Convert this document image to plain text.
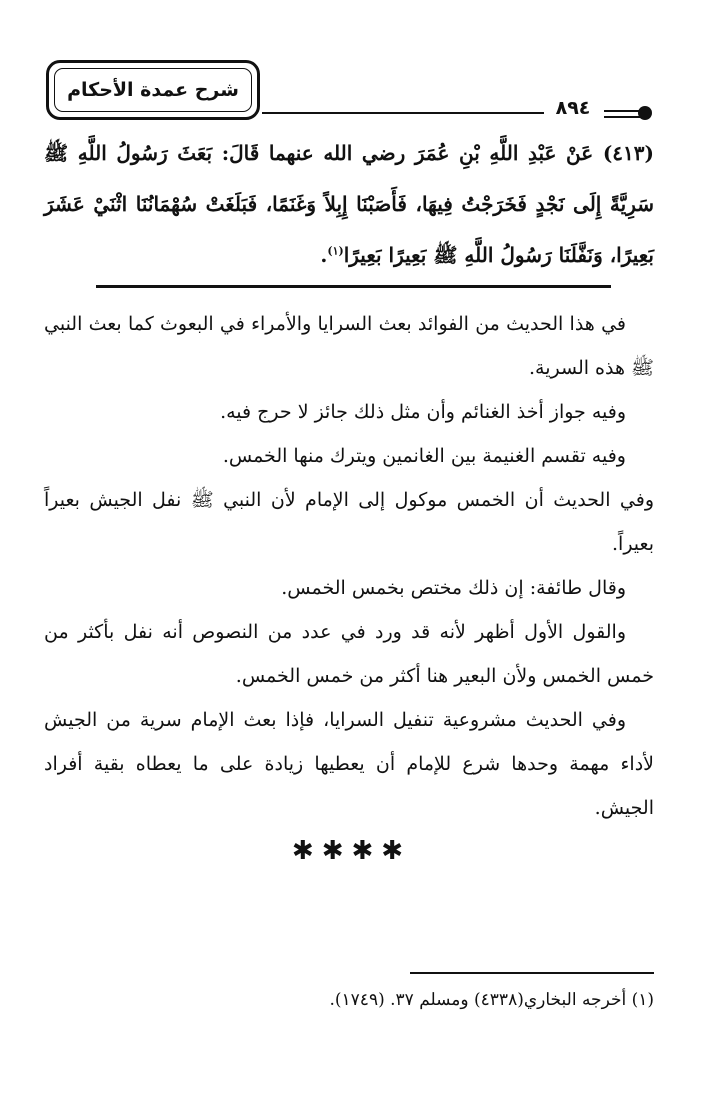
شرح عمدة الأحكام
٨٩٤

(٤١٣) عَنْ عَبْدِ اللَّهِ بْنِ عُمَرَ رضي الله عنهما قَالَ: بَعَثَ رَسُولُ اللَّهِ ﷺ سَرِيَّةً إِلَى نَجْدٍ فَخَرَجْتُ فِيهَا، فَأَصَبْنَا إِبِلاً وَغَنَمًا، فَبَلَغَتْ سُهْمَانُنَا اثْنَيْ عَشَرَ بَعِيرًا، وَنَفَّلَنَا رَسُولُ اللَّهِ ﷺ بَعِيرًا بَعِيرًا$^{(١)}$.

في هذا الحديث من الفوائد بعث السرايا والأمراء في البعوث كما بعث النبي ﷺ هذه السرية.

وفيه جواز أخذ الغنائم وأن مثل ذلك جائز لا حرج فيه.

وفيه تقسم الغنيمة بين الغانمين ويترك منها الخمس.

وفي الحديث أن الخمس موكول إلى الإمام لأن النبي ﷺ نفل الجيش بعيراً بعيراً.

وقال طائفة: إن ذلك مختص بخمس الخمس.

والقول الأول أظهر لأنه قد ورد في عدد من النصوص أنه نفل بأكثر من خمس الخمس ولأن البعير هنا أكثر من خمس الخمس.

وفي الحديث مشروعية تنفيل السرايا، فإذا بعث الإمام سرية من الجيش لأداء مهمة وحدها شرع للإمام أن يعطيها زيادة على ما يعطاه بقية أفراد الجيش.

✱✱✱✱
(١) أخرجه البخاري(٤٣٣٨) ومسلم ٣٧. (١٧٤٩).
